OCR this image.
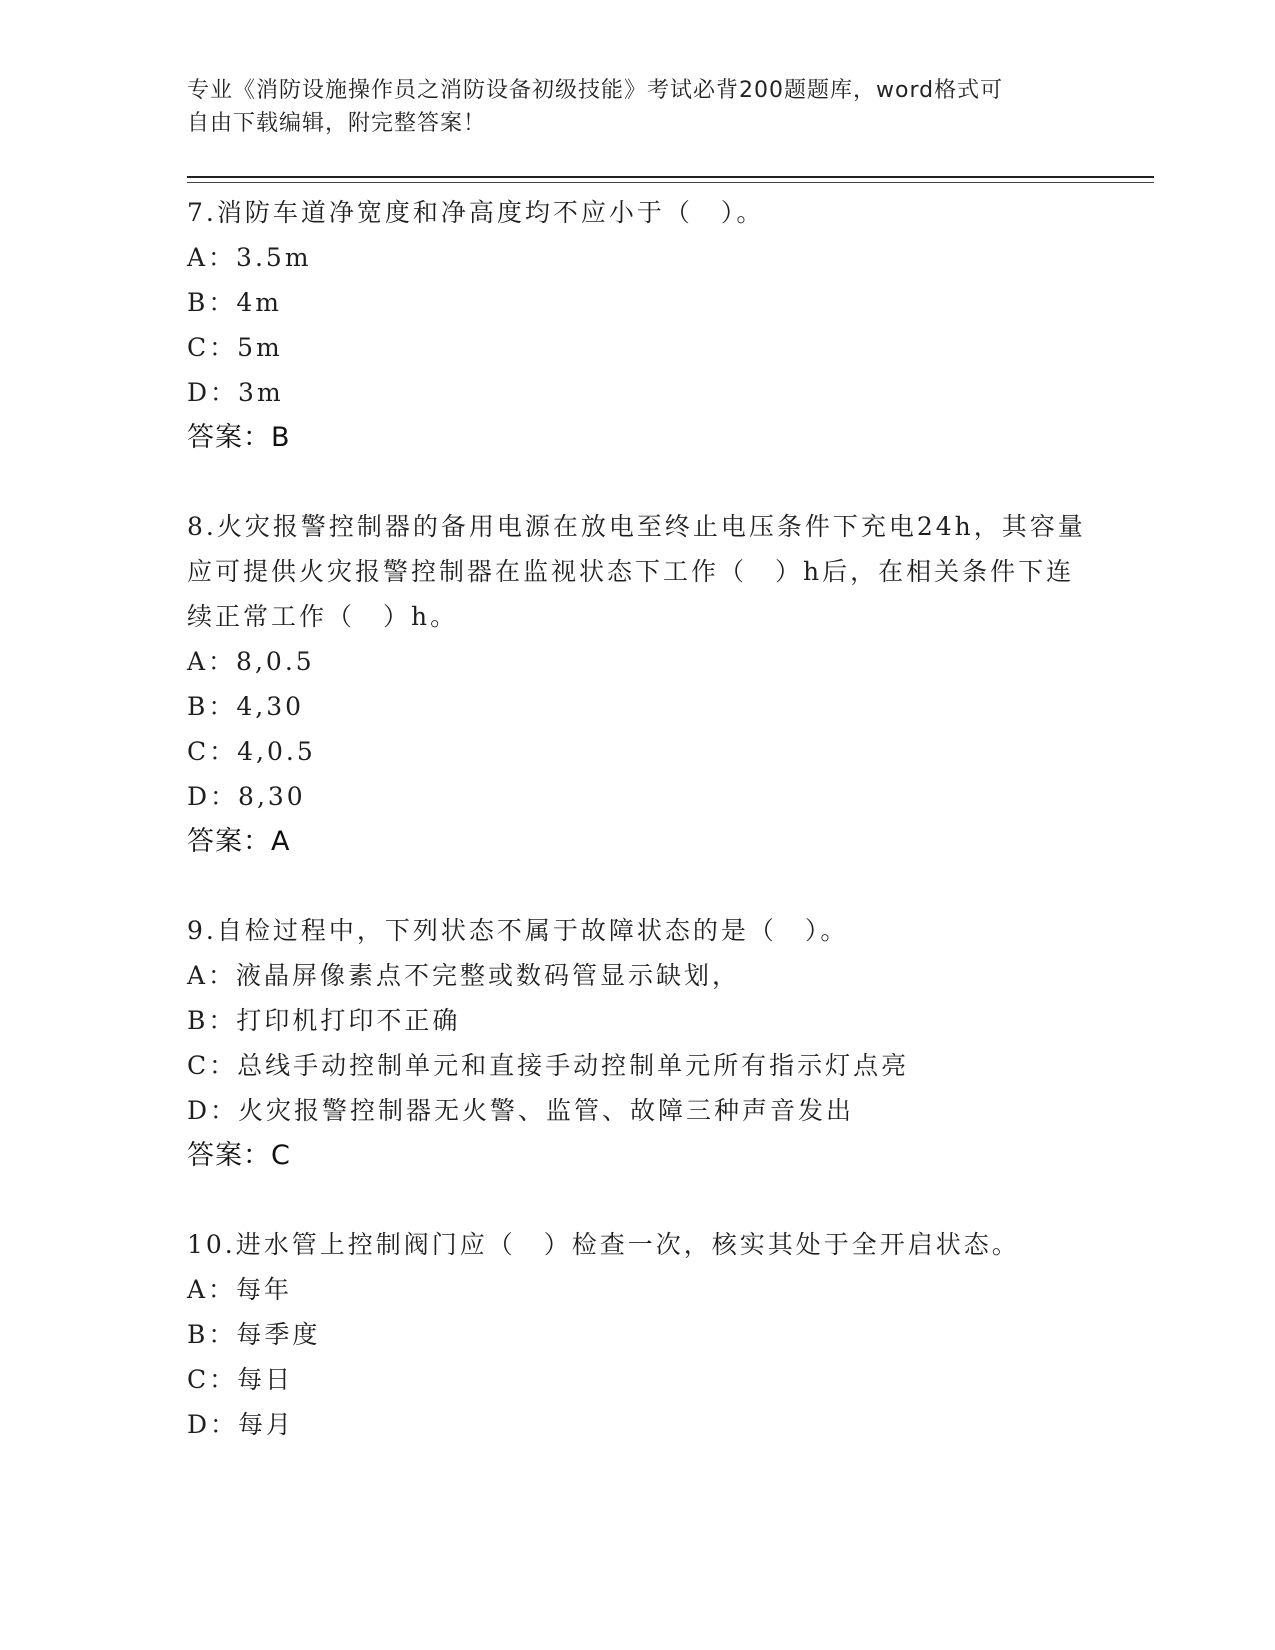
专业《消防设施操作员之消防设备初级技能》考试必背200题题库，word格式可
自由下载编辑，附完整答案！

7.消防车道净宽度和净高度均不应小于（　）。

A：3.5m

B：4m

C：5m

D：3m

答案：B

8.火灾报警控制器的备用电源在放电至终止电压条件下充电24h，其容量应可提供火灾报警控制器在监视状态下工作（　）h后，在相关条件下连续正常工作（　）h。

A：8,0.5

B：4,30

C：4,0.5

D：8,30

答案：A

9.自检过程中，下列状态不属于故障状态的是（　）。

A：液晶屏像素点不完整或数码管显示缺划，

B：打印机打印不正确

C：总线手动控制单元和直接手动控制单元所有指示灯点亮

D：火灾报警控制器无火警、监管、故障三种声音发出

答案：C

10.进水管上控制阀门应（　）检查一次，核实其处于全开启状态。

A：每年

B：每季度

C：每日

D：每月
